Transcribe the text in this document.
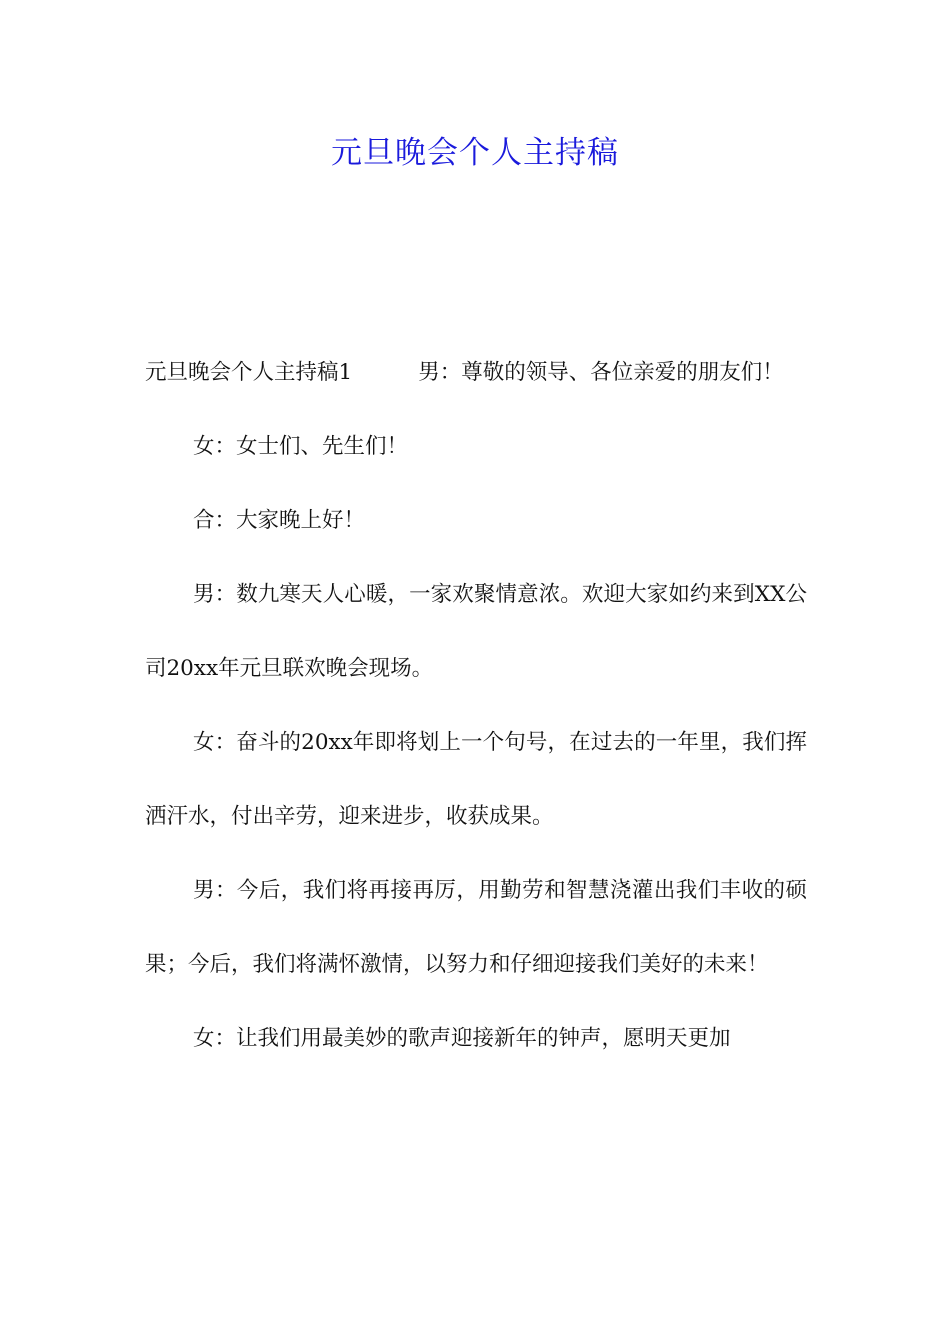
元旦晚会个人主持稿

元旦晚会个人主持稿1	男：尊敬的领导、各位亲爱的朋友们！

女：女士们、先生们！

合：大家晚上好！

男：数九寒天人心暖，一家欢聚情意浓。欢迎大家如约来到XX公司20xx年元旦联欢晚会现场。

女：奋斗的20xx年即将划上一个句号，在过去的一年里，我们挥洒汗水，付出辛劳，迎来进步，收获成果。

男：今后，我们将再接再厉，用勤劳和智慧浇灌出我们丰收的硕果；今后，我们将满怀激情，以努力和仔细迎接我们美好的未来！

女：让我们用最美妙的歌声迎接新年的钟声，愿明天更加
